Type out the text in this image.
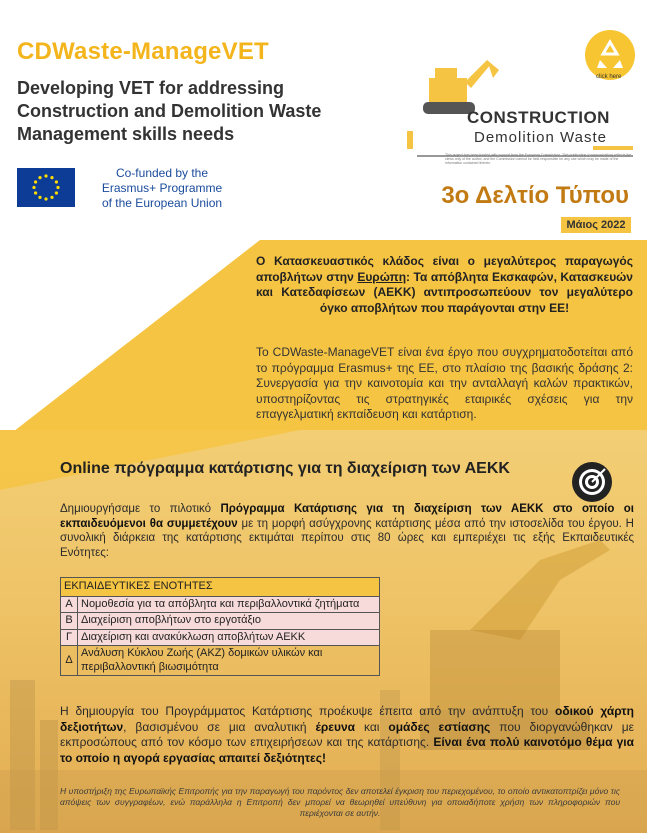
CDWaste-ManageVET
Developing VET for addressing Construction and Demolition Waste Management skills needs
Co-funded by the
Erasmus+ Programme
of the European Union
click here
CONSTRUCTION
Demolition Waste
This project has been funded with support from the European Commission. This publication (communication) reflects the views only of the author, and the Commission cannot be held responsible for any use which may be made of the information contained therein.
3ο Δελτίο Τύπου
Μάιος 2022
Ο Κατασκευαστικός κλάδος είναι ο μεγαλύτερος παραγωγός αποβλήτων στην Ευρώπη: Τα απόβλητα Εκσκαφών, Κατασκευών και Κατεδαφίσεων (ΑΕΚΚ) αντιπροσωπεύουν τον μεγαλύτερο όγκο αποβλήτων που παράγονται στην ΕΕ!
Το CDWaste-ManageVET είναι ένα έργο που συγχρηματοδοτείται από το πρόγραμμα Erasmus+ της ΕΕ, στο πλαίσιο της βασικής δράσης 2: Συνεργασία για την καινοτομία και την ανταλλαγή καλών πρακτικών, υποστηρίζοντας τις στρατηγικές εταιρικές σχέσεις για την επαγγελματική εκπαίδευση και κατάρτιση.
Online πρόγραμμα κατάρτισης για τη διαχείριση των ΑΕΚΚ
Δημιουργήσαμε το πιλοτικό Πρόγραμμα Κατάρτισης για τη διαχείριση των ΑΕΚΚ στο οποίο οι εκπαιδευόμενοι θα συμμετέχουν με τη μορφή ασύγχρονης κατάρτισης μέσα από την ιστοσελίδα του έργου. Η συνολική διάρκεια της κατάρτισης εκτιμάται περίπου στις 80 ώρες και εμπεριέχει τις εξής Εκπαιδευτικές Ενότητες:
ΕΚΠΑΙΔΕΥΤΙΚΕΣ ΕΝΟΤΗΤΕΣ	
Α	Νομοθεσία για τα απόβλητα και περιβαλλοντικά ζητήματα
Β	Διαχείριση αποβλήτων στο εργοτάξιο
Γ	Διαχείριση και ανακύκλωση αποβλήτων ΑΕΚΚ
Δ	Ανάλυση Κύκλου Ζωής (ΑΚΖ) δομικών υλικών και περιβαλλοντική βιωσιμότητα
Η δημιουργία του Προγράμματος Κατάρτισης προέκυψε έπειτα από την ανάπτυξη του οδικού χάρτη δεξιοτήτων, βασισμένου σε μια αναλυτική έρευνα και ομάδες εστίασης που διοργανώθηκαν με εκπροσώπους από τον κόσμο των επιχειρήσεων και της κατάρτισης. Είναι ένα πολύ καινοτόμο θέμα για το οποίο η αγορά εργασίας απαιτεί δεξιότητες!
Η υποστήριξη της Ευρωπαϊκής Επιτροπής για την παραγωγή του παρόντος δεν αποτελεί έγκριση του περιεχομένου, το οποίο αντικατοπτρίζει μόνο τις απόψεις των συγγραφέων, ενώ παράλληλα η Επιτροπή δεν μπορεί να θεωρηθεί υπεύθυνη για οποιαδήποτε χρήση των πληροφοριών που περιέχονται σε αυτήν.
